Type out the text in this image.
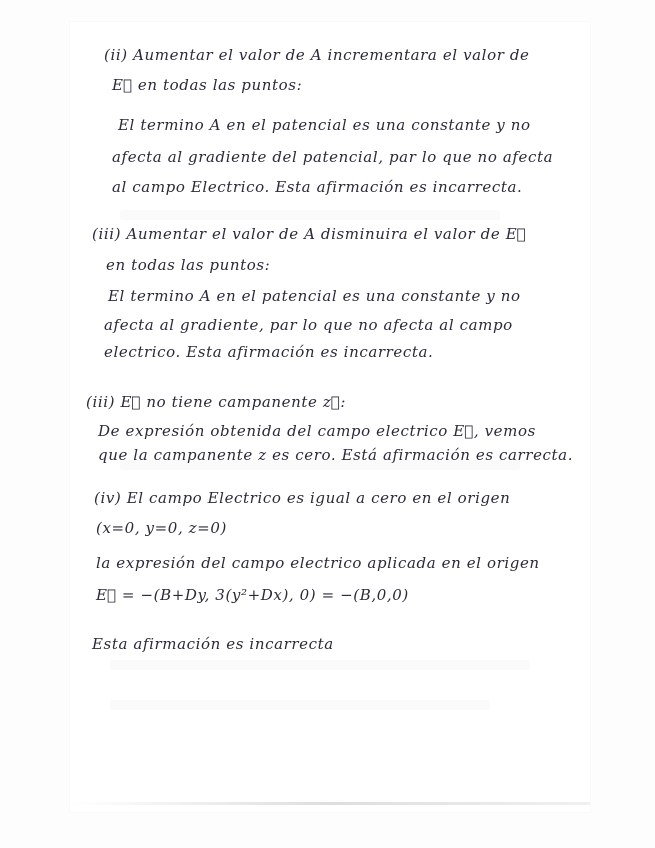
(ii) Aumentar el valor de A incrementara el valor de
E⃗ en todas las puntos:
El termino A en el patencial es una constante y no
afecta al gradiente del patencial, par lo que no afecta
al campo Electrico. Esta afirmación es incarrecta.
(iii) Aumentar el valor de A disminuira el valor de E⃗
en todas las puntos:
El termino A en el patencial es una constante y no
afecta al gradiente, par lo que no afecta al campo
electrico. Esta afirmación es incarrecta.
(iii) E⃗ no tiene campanente z⃗:
De expresión obtenida del campo electrico E⃗, vemos
que la campanente z es cero. Está afirmación es carrecta.
(iv) El campo Electrico es igual a cero en el origen
(x=0, y=0, z=0)
la expresión del campo electrico aplicada en el origen
E⃗ = −(B+Dy, 3(y²+Dx), 0) = −(B,0,0)
Esta afirmación es incarrecta
